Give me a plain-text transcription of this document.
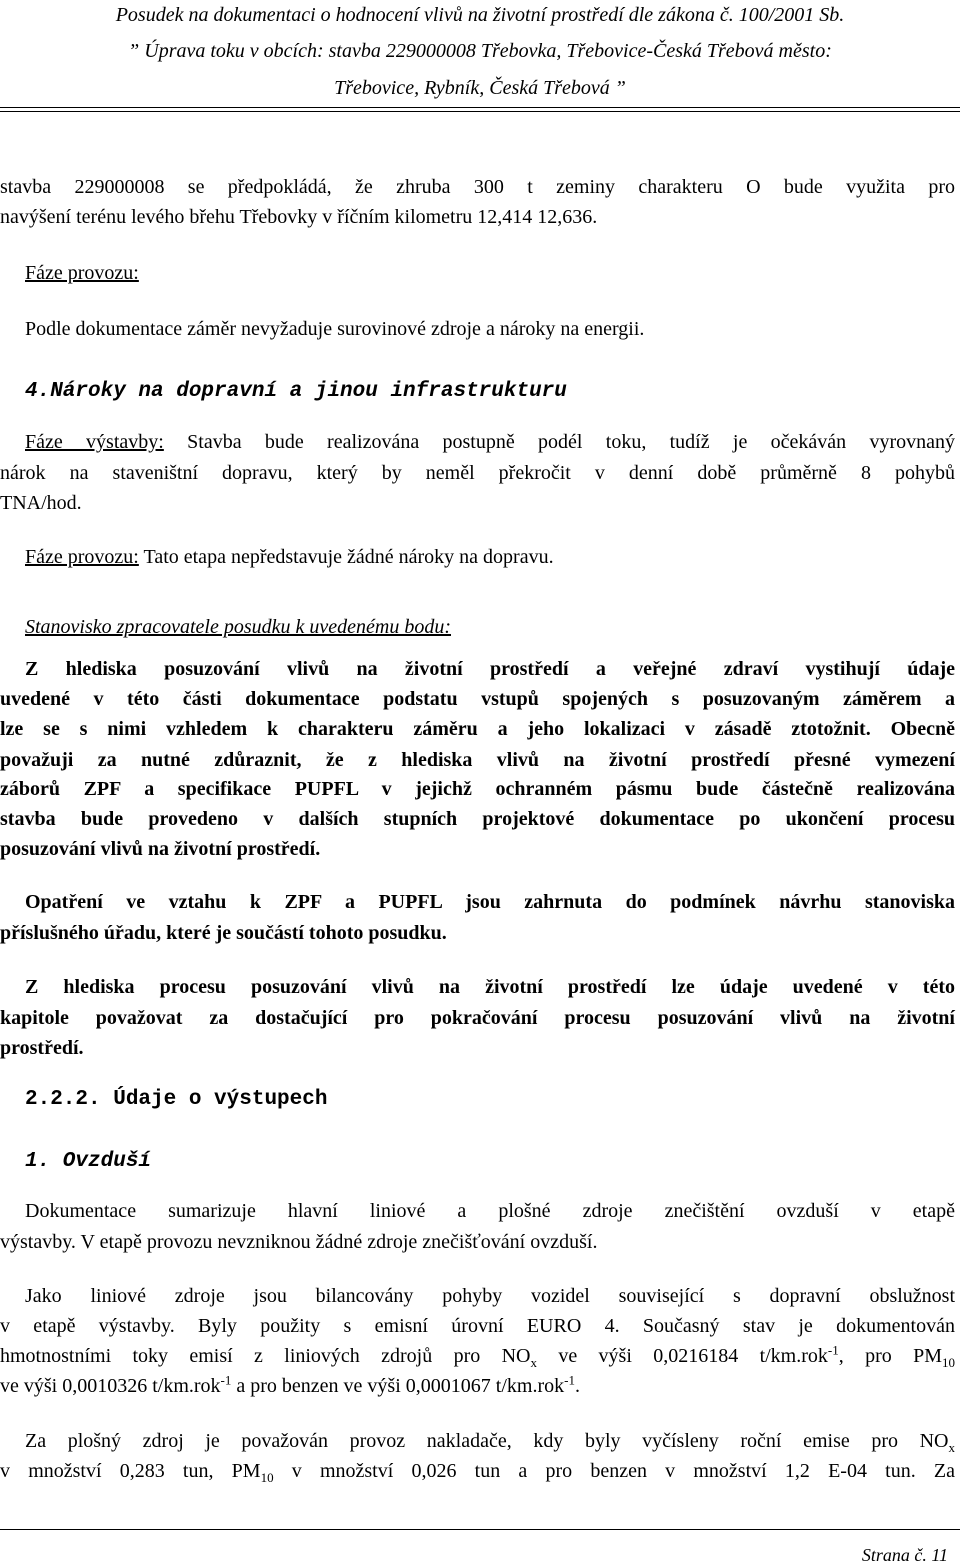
Posudek na dokumentaci o hodnocení vlivů na životní prostředí dle zákona č. 100/2001 Sb.
” Úprava toku v obcích: stavba 229000008 Třebovka, Třebovice-Česká Třebová město:
Třebovice, Rybník, Česká Třebová ”
stavba 229000008 se předpokládá, že zhruba 300 t zeminy charakteru O bude využita pro
navýšení terénu levého břehu Třebovky v říčním kilometru 12,414 12,636.
Fáze provozu:
Podle dokumentace záměr nevyžaduje surovinové zdroje a nároky na energii.
4.Nároky na dopravní a jinou infrastrukturu
Fáze výstavby: Stavba bude realizována postupně podél toku, tudíž je očekáván vyrovnaný
nárok na staveništní dopravu, který by neměl překročit v denní době průměrně 8 pohybů
TNA/hod.
Fáze provozu: Tato etapa nepředstavuje žádné nároky na dopravu.
Stanovisko zpracovatele posudku k uvedenému bodu:
Z hlediska posuzování vlivů na životní prostředí a veřejné zdraví vystihují údaje
uvedené v této části dokumentace podstatu vstupů spojených s posuzovaným záměrem a
lze se s nimi vzhledem k charakteru záměru a jeho lokalizaci v zásadě ztotožnit. Obecně
považuji za nutné zdůraznit, že z hlediska vlivů na životní prostředí přesné vymezení
záborů ZPF a specifikace PUPFL v jejichž ochranném pásmu bude částečně realizována
stavba bude provedeno v dalších stupních projektové dokumentace po ukončení procesu
posuzování vlivů na životní prostředí.
Opatření ve vztahu k ZPF a PUPFL jsou zahrnuta do podmínek návrhu stanoviska
příslušného úřadu, které je součástí tohoto posudku.
Z hlediska procesu posuzování vlivů na životní prostředí lze údaje uvedené v této
kapitole považovat za dostačující pro pokračování procesu posuzování vlivů na životní
prostředí.
2.2.2. Údaje o výstupech
1. Ovzduší
Dokumentace sumarizuje hlavní liniové a plošné zdroje znečištění ovzduší v etapě
výstavby. V etapě provozu nevzniknou žádné zdroje znečišťování ovzduší.
Jako liniové zdroje jsou bilancovány pohyby vozidel související s dopravní obslužnost
v etapě výstavby. Byly použity s emisní úrovní EURO 4. Současný stav je dokumentován
hmotnostními toky emisí z liniových zdrojů pro $NO_x$ ve výši 0,0216184 t/km.rok$^{-1}$, pro $PM_{10}$
ve výši 0,0010326 t/km.rok$^{-1}$ a pro benzen ve výši 0,0001067 t/km.rok$^{-1}$.
Za plošný zdroj je považován provoz nakladače, kdy byly vyčísleny roční emise pro $NO_x$
v množství 0,283 tun, $PM_{10}$ v množství 0,026 tun a pro benzen v množství 1,2 E-04 tun. Za
Strana č. 11
